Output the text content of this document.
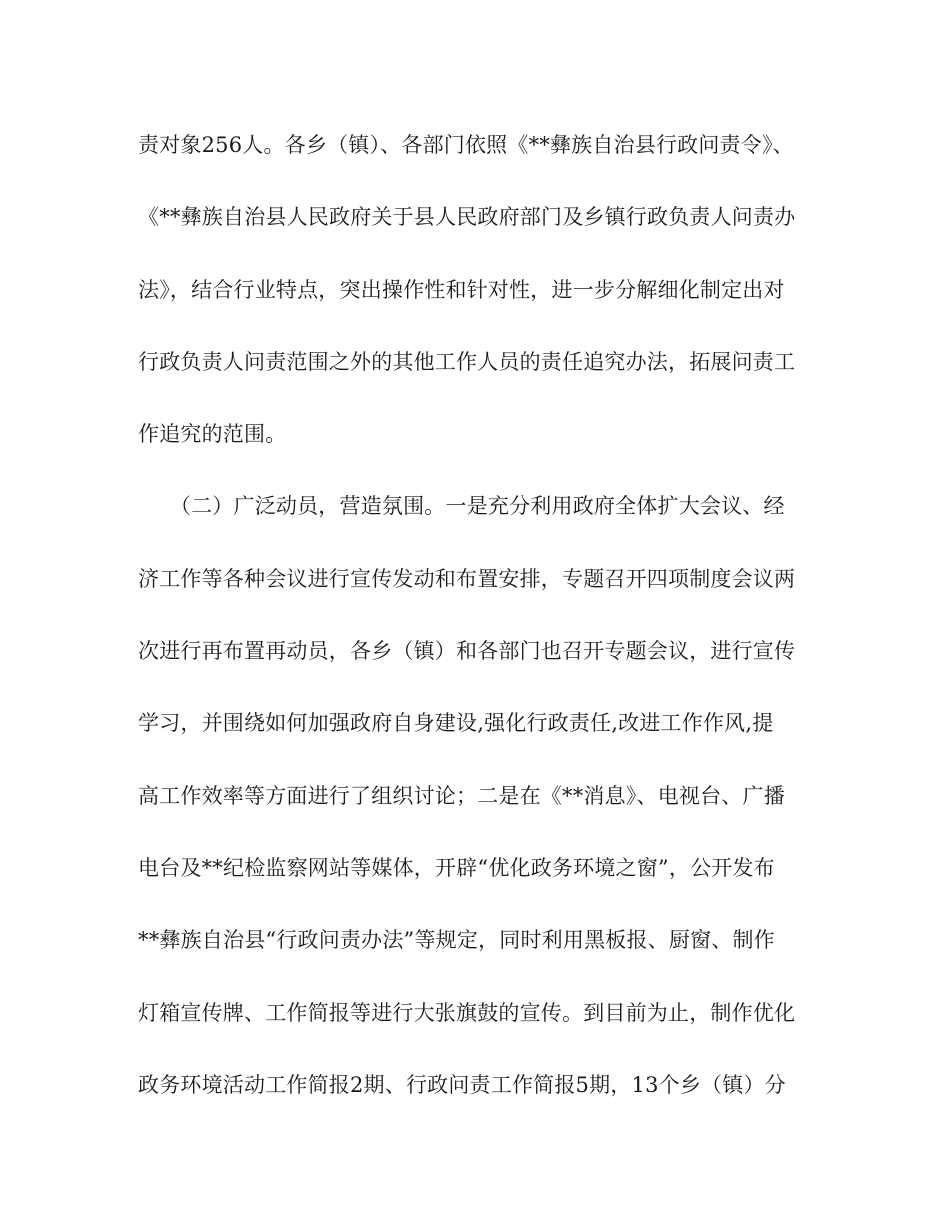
责对象256人。各乡（镇）、各部门依照《**彝族自治县行政问责令》、
《**彝族自治县人民政府关于县人民政府部门及乡镇行政负责人问责办
法》，结合行业特点，突出操作性和针对性，进一步分解细化制定出对
行政负责人问责范围之外的其他工作人员的责任追究办法，拓展问责工
作追究的范围。
　　（二）广泛动员，营造氛围。一是充分利用政府全体扩大会议、经
济工作等各种会议进行宣传发动和布置安排，专题召开四项制度会议两
次进行再布置再动员，各乡（镇）和各部门也召开专题会议，进行宣传
学习，并围绕如何加强政府自身建设,强化行政责任,改进工作作风,提
高工作效率等方面进行了组织讨论；二是在《**消息》、电视台、广播
电台及**纪检监察网站等媒体，开辟“优化政务环境之窗”，公开发布
**彝族自治县“行政问责办法”等规定，同时利用黑板报、厨窗、制作
灯箱宣传牌、工作简报等进行大张旗鼓的宣传。到目前为止，制作优化
政务环境活动工作简报2期、行政问责工作简报5期，13个乡（镇）分
